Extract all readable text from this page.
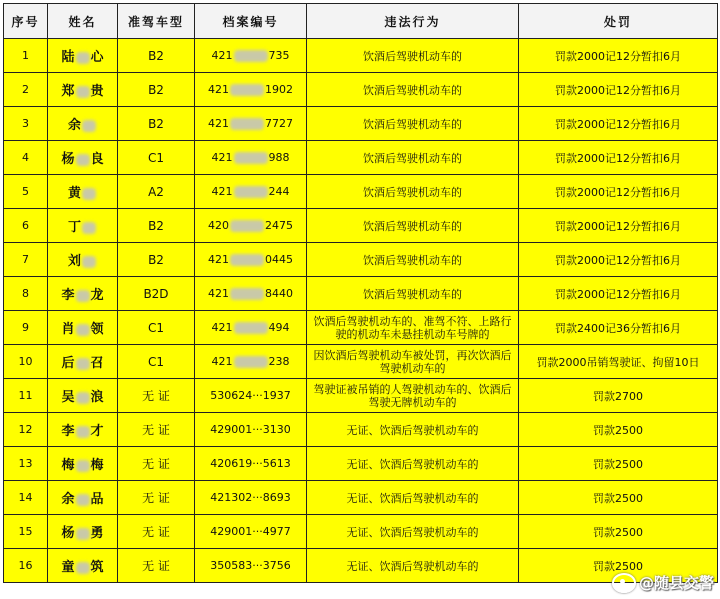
序号	姓名	准驾车型	档案编号	违法行为	处罚
1	陆 心	B2	421 735	饮酒后驾驶机动车的	罚款2000记12分暂扣6月
2	郑 贵	B2	421 1902	饮酒后驾驶机动车的	罚款2000记12分暂扣6月
3	余	B2	421 7727	饮酒后驾驶机动车的	罚款2000记12分暂扣6月
4	杨 良	C1	421 988	饮酒后驾驶机动车的	罚款2000记12分暂扣6月
5	黄	A2	421 244	饮酒后驾驶机动车的	罚款2000记12分暂扣6月
6	丁	B2	420 2475	饮酒后驾驶机动车的	罚款2000记12分暂扣6月
7	刘	B2	421 0445	饮酒后驾驶机动车的	罚款2000记12分暂扣6月
8	李 龙	B2D	421 8440	饮酒后驾驶机动车的	罚款2000记12分暂扣6月
9	肖 领	C1	421 494	饮酒后驾驶机动车的、准驾不符、上路行驶的机动车未悬挂机动车号牌的	罚款2400记36分暂扣6月
10	后 召	C1	421 238	因饮酒后驾驶机动车被处罚，再次饮酒后驾驶机动车的	罚款2000吊销驾驶证、拘留10日
11	吴 浪	无 证	530624···1937	驾驶证被吊销的人驾驶机动车的、饮酒后驾驶无牌机动车的	罚款2700
12	李 才	无 证	429001···3130	无证、饮酒后驾驶机动车的	罚款2500
13	梅 梅	无 证	420619···5613	无证、饮酒后驾驶机动车的	罚款2500
14	余 品	无 证	421302···8693	无证、饮酒后驾驶机动车的	罚款2500
15	杨 勇	无 证	429001···4977	无证、饮酒后驾驶机动车的	罚款2500
16	童 筑	无 证	350583···3756	无证、饮酒后驾驶机动车的	罚款2500
@随县交警
